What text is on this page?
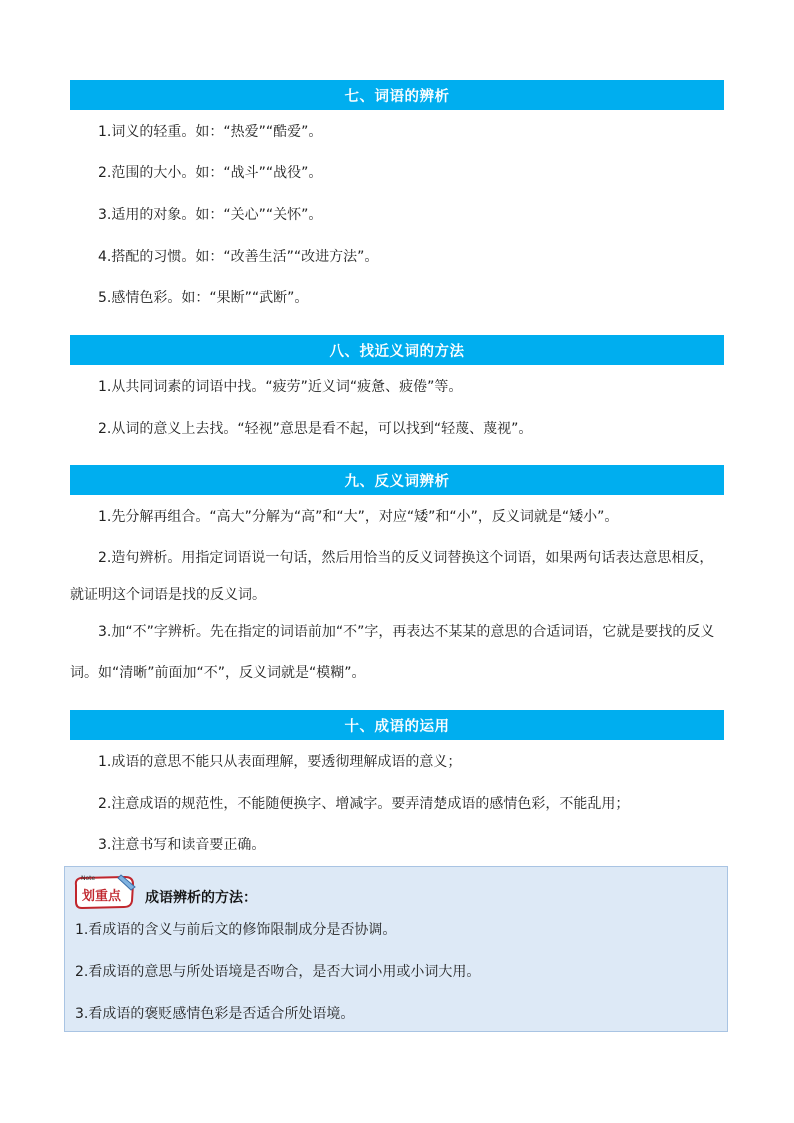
七、词语的辨析
1.词义的轻重。如：“热爱”“酷爱”。
2.范围的大小。如：“战斗”“战役”。
3.适用的对象。如：“关心”“关怀”。
4.搭配的习惯。如：“改善生活”“改进方法”。
5.感情色彩。如：“果断”“武断”。
八、找近义词的方法
1.从共同词素的词语中找。“疲劳”近义词“疲惫、疲倦”等。
2.从词的意义上去找。“轻视”意思是看不起，可以找到“轻蔑、蔑视”。
九、反义词辨析
1.先分解再组合。“高大”分解为“高”和“大”，对应“矮”和“小”，反义词就是“矮小”。
2.造句辨析。用指定词语说一句话，然后用恰当的反义词替换这个词语，如果两句话表达意思相反，
就证明这个词语是找的反义词。
3.加“不”字辨析。先在指定的词语前加“不”字，再表达不某某的意思的合适词语，它就是要找的反义
词。如“清晰”前面加“不”，反义词就是“模糊”。
十、成语的运用
1.成语的意思不能只从表面理解，要透彻理解成语的意义；
2.注意成语的规范性，不能随便换字、增减字。要弄清楚成语的感情色彩，不能乱用；
3.注意书写和读音要正确。
Note
划重点 成语辨析的方法：
1.看成语的含义与前后文的修饰限制成分是否协调。
2.看成语的意思与所处语境是否吻合，是否大词小用或小词大用。
3.看成语的褒贬感情色彩是否适合所处语境。
